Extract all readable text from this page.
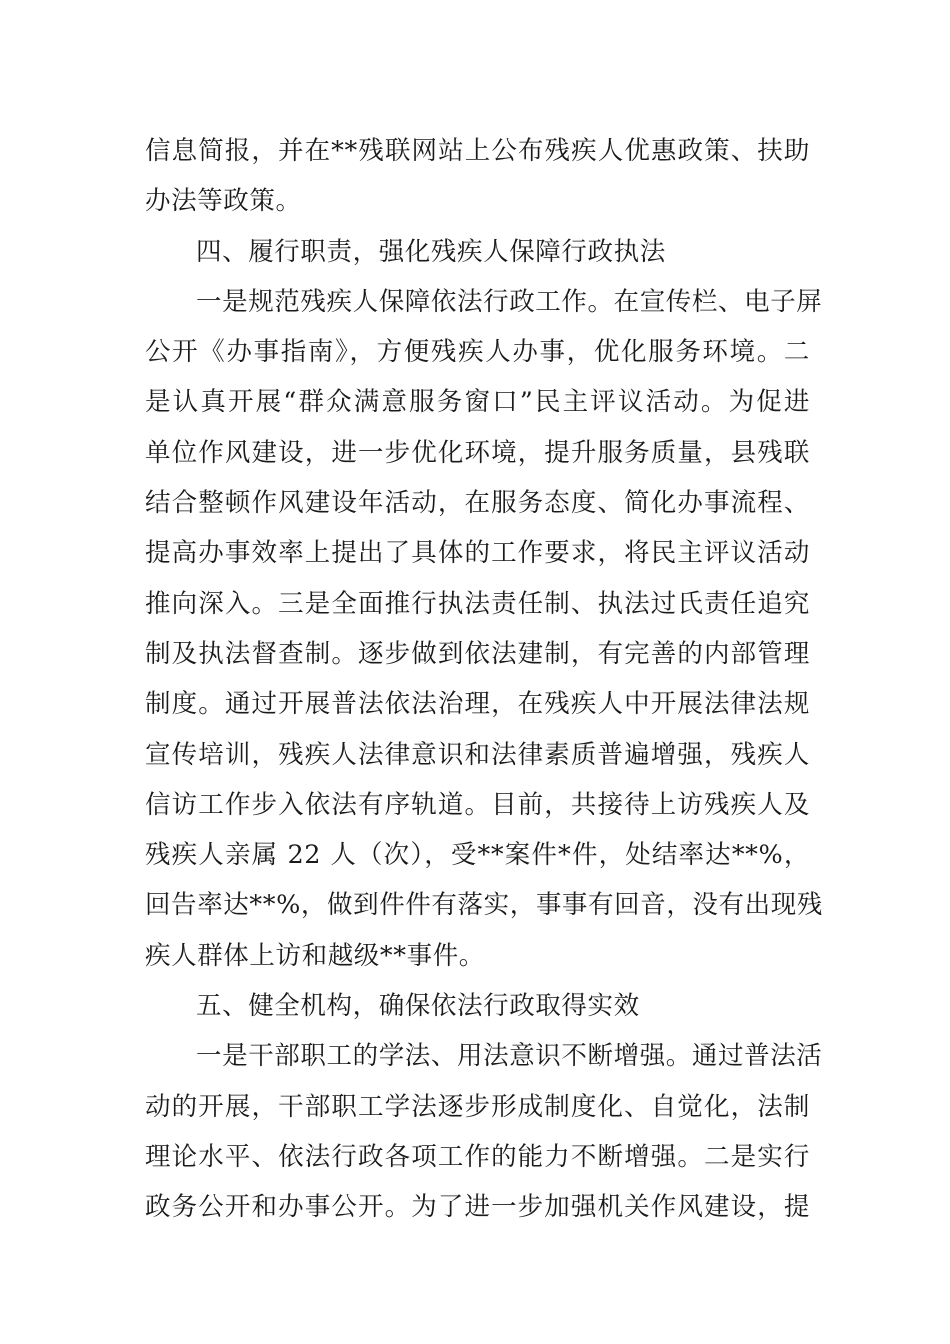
信息简报，并在**残联网站上公布残疾人优惠政策、扶助
办法等政策。
四、履行职责，强化残疾人保障行政执法
一是规范残疾人保障依法行政工作。在宣传栏、电子屏
公开《办事指南》，方便残疾人办事，优化服务环境。二
是认真开展“群众满意服务窗口”民主评议活动。为促进
单位作风建设，进一步优化环境，提升服务质量，县残联
结合整顿作风建设年活动，在服务态度、简化办事流程、
提高办事效率上提出了具体的工作要求，将民主评议活动
推向深入。三是全面推行执法责任制、执法过氏责任追究
制及执法督查制。逐步做到依法建制，有完善的内部管理
制度。通过开展普法依法治理，在残疾人中开展法律法规
宣传培训，残疾人法律意识和法律素质普遍增强，残疾人
信访工作步入依法有序轨道。目前，共接待上访残疾人及
残疾人亲属 22 人（次），受**案件*件，处结率达**%，
回告率达**%，做到件件有落实，事事有回音，没有出现残
疾人群体上访和越级**事件。
五、健全机构，确保依法行政取得实效
一是干部职工的学法、用法意识不断增强。通过普法活
动的开展，干部职工学法逐步形成制度化、自觉化，法制
理论水平、依法行政各项工作的能力不断增强。二是实行
政务公开和办事公开。为了进一步加强机关作风建设，提
